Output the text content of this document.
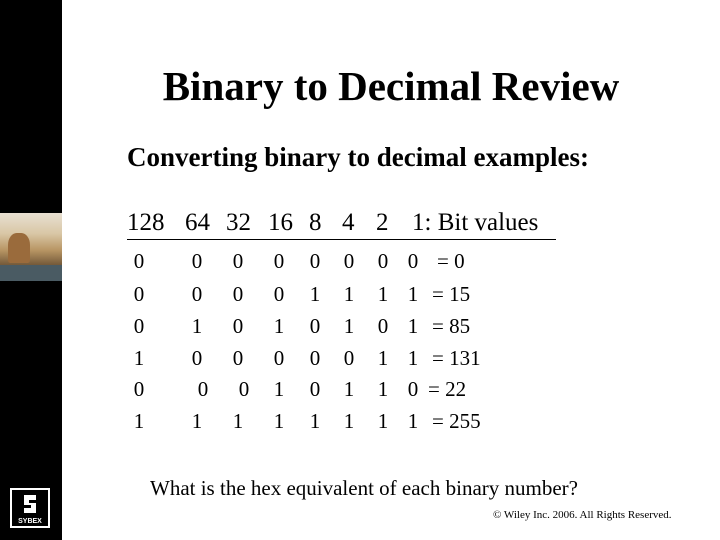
SYBEX
Binary to Decimal Review
Converting binary to decimal examples:
128 64 32 16 8 4 2 1: Bit values
0	0	0	0	0	0	0 0 = 0
0	0	0	0	1	1	1 1 = 15
0	1	0	1	0	1	0 1 = 85
1	0	0	0	0	0	1 1 = 131
0	0	0	1	0	1	1 0 = 22
1	1	1	1	1	1	1 1 = 255
What is the hex equivalent of each binary number?
© Wiley Inc. 2006. All Rights Reserved.
